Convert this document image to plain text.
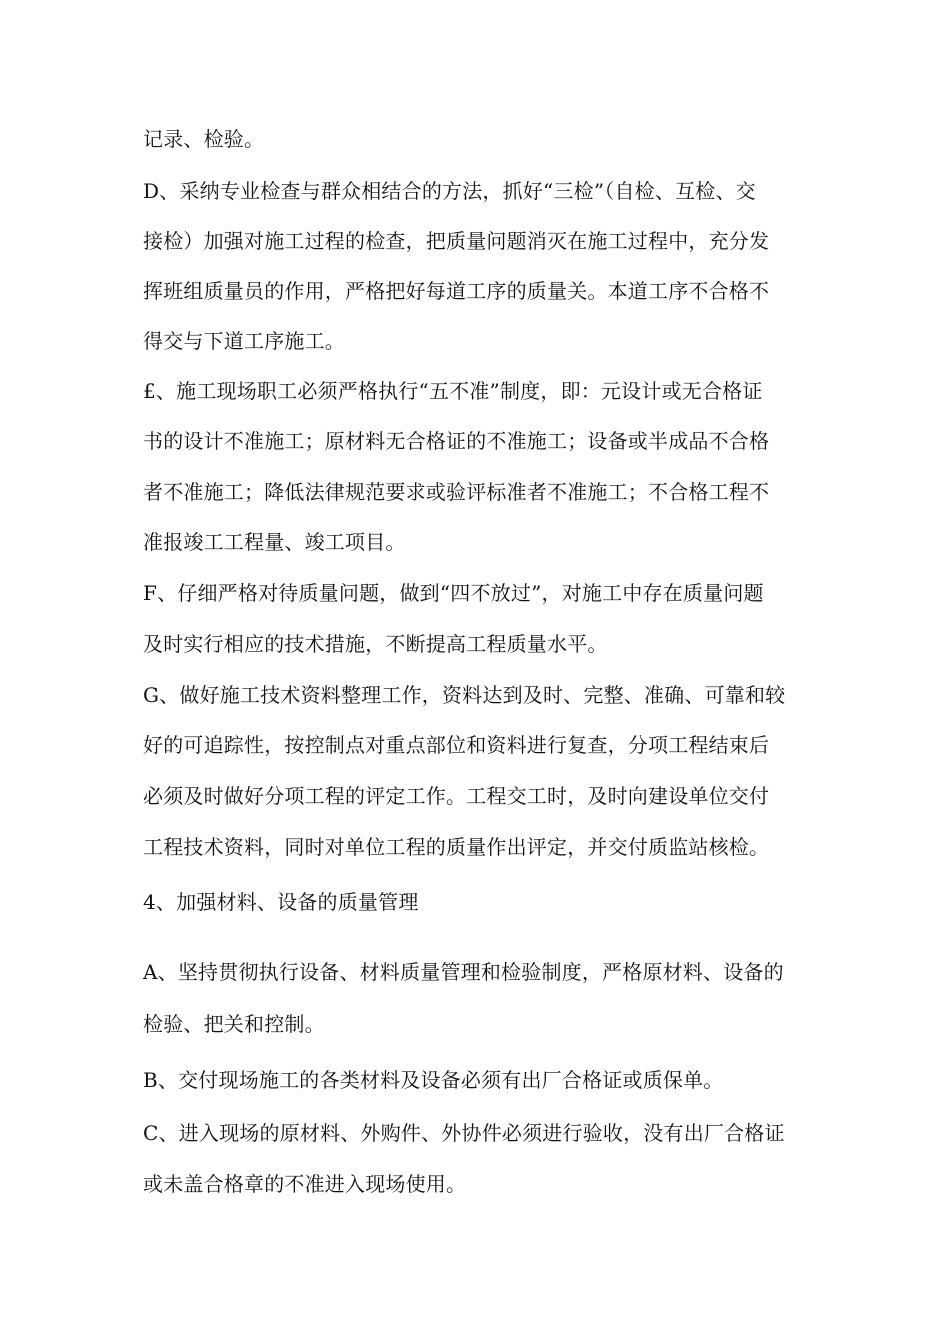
记录、检验。
D、采纳专业检查与群众相结合的方法，抓好“三检”（自检、互检、交
接检）加强对施工过程的检查，把质量问题消灭在施工过程中，充分发
挥班组质量员的作用，严格把好每道工序的质量关。本道工序不合格不
得交与下道工序施工。
£、施工现场职工必须严格执行“五不准”制度，即：元设计或无合格证
书的设计不准施工；原材料无合格证的不准施工；设备或半成品不合格
者不准施工；降低法律规范要求或验评标准者不准施工；不合格工程不
准报竣工工程量、竣工项目。
F、仔细严格对待质量问题，做到“四不放过”，对施工中存在质量问题
及时实行相应的技术措施，不断提高工程质量水平。
G、做好施工技术资料整理工作，资料达到及时、完整、准确、可靠和较
好的可追踪性，按控制点对重点部位和资料进行复查，分项工程结束后
必须及时做好分项工程的评定工作。工程交工时，及时向建设单位交付
工程技术资料，同时对单位工程的质量作出评定，并交付质监站核检。
4、加强材料、设备的质量管理
A、坚持贯彻执行设备、材料质量管理和检验制度，严格原材料、设备的
检验、把关和控制。
B、交付现场施工的各类材料及设备必须有出厂合格证或质保单。
C、进入现场的原材料、外购件、外协件必须进行验收，没有出厂合格证
或未盖合格章的不准进入现场使用。
